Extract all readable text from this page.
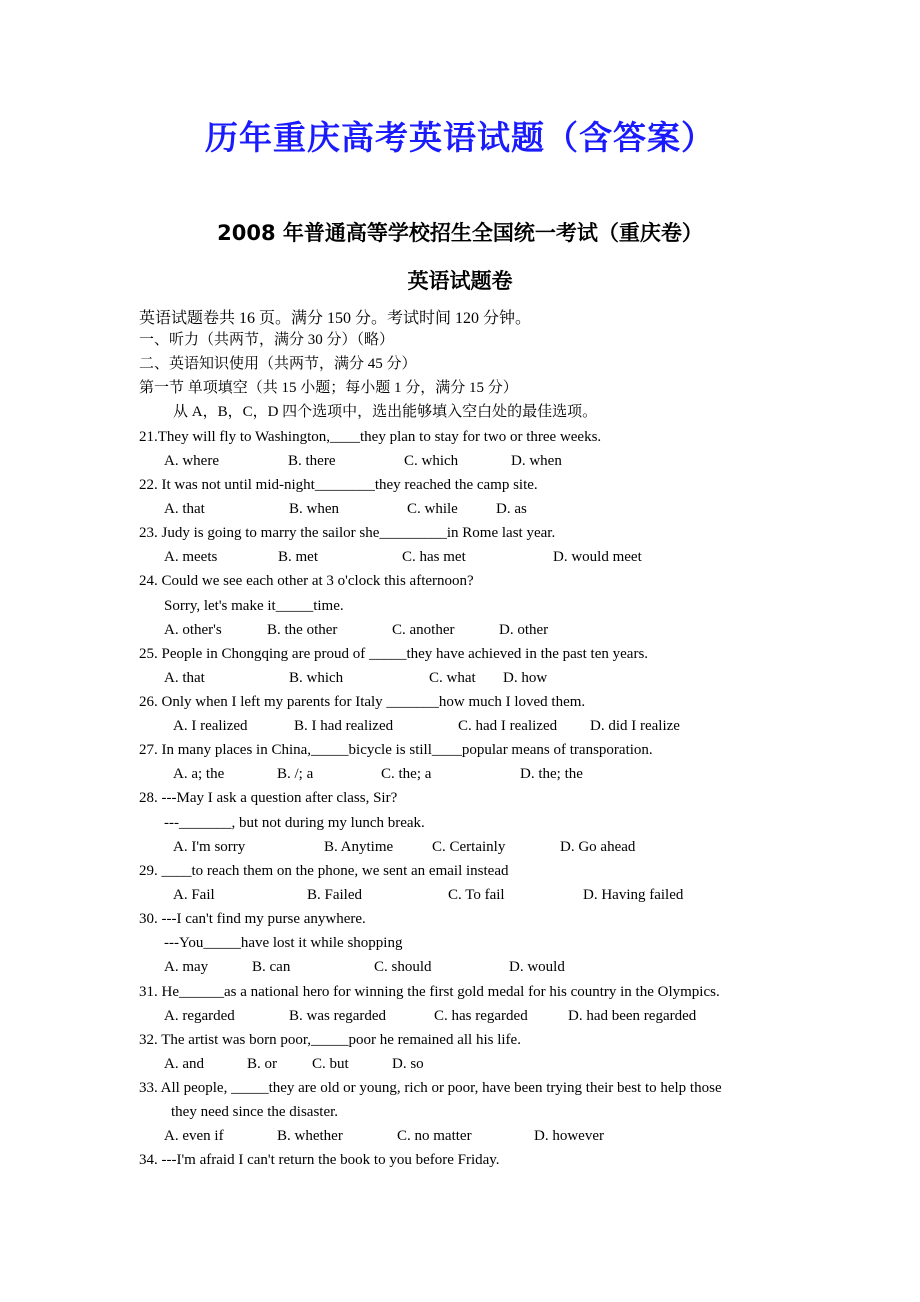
历年重庆高考英语试题（含答案）
2008 年普通高等学校招生全国统一考试（重庆卷）
英语试题卷
英语试题卷共 16 页。满分 150 分。考试时间 120 分钟。
一、听力（共两节，满分 30 分）（略）
二、英语知识使用（共两节，满分 45 分）
第一节 单项填空（共 15 小题；每小题 1 分，满分 15 分）
从 A，B，C，D 四个选项中，选出能够填入空白处的最佳选项。
21.They will fly to Washington,____they plan to stay for two or three weeks.
A. where	B. there	C. which	D. when
22. It was not until mid-night________they reached the camp site.
A. that	B. when	C. while	D. as
23. Judy is going to marry the sailor she_________in Rome last year.
A. meets	B. met	C. has met	D. would meet
24. Could we see each other at 3 o'clock this afternoon?
Sorry, let's make it_____time.
A. other's	B. the other	C. another	D. other
25. People in Chongqing are proud of _____they have achieved in the past ten years.
A. that	B. which	C. what D. how
26. Only when I left my parents for Italy _______how much I loved them.
A. I realized	B. I had realized	C. had I realized D. did I realize
27. In many places in China,_____bicycle is still____popular means of transporation.
A. a; the	B. /; a	C. the; a	D. the; the
28. ---May I ask a question after class, Sir?
---_______, but not during my lunch break.
A. I'm sorry	B. Anytime	C. Certainly	D. Go ahead
29. ____to reach them on the phone, we sent an email instead
A. Fail	B. Failed	C. To fail	D. Having failed
30. ---I can't find my purse anywhere.
---You_____have lost it while shopping
A. may	B. can	C. should	D. would
31. He______as a national hero for winning the first gold medal for his country in the Olympics.
A. regarded	B. was regarded	C. has regarded	D. had been regarded
32. The artist was born poor,_____poor he remained all his life.
A. and	B. or C. but	D. so
33. All people, _____they are old or young, rich or poor, have been trying their best to help those
they need since the disaster.
A. even if	B. whether	C. no matter	D. however
34. ---I'm afraid I can't return the book to you before Friday.
